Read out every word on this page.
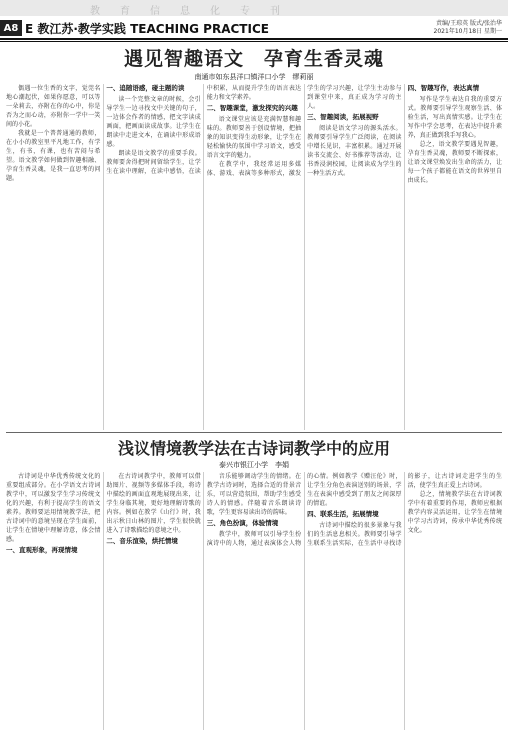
教育信息化专刊
A8 E 教江苏·教学实践 TEACHING PRACTICE	责编/王琼英 版式/张治华
2021年10月18日 星期一
遇见智趣语文　孕育生香灵魂
南通市如东县洋口镇洋口小学　缪莉丽

偶遇一位生香的文字，觉莞名地心潮起伏，如果你愿意，可以等一朵莉去，亦附在你的心中，你是否为之而心动，亦附你一学中一笑间的小花。

我就是一个普普通通的教师，在小小的教室里平凡地工作，有学生，有书，有课，也有苦闷与希望。语文教学如何做到智趣相融、孕育生香灵魂，是我一直思考的问题。

一、追随语感，碰主题的读

读一个完整文章的时候，会引导学生一边寻找文中关键的句子，一边体会作者的情感，把文字读成画面，把画面读成故事。让学生在朗读中走进文本，在诵读中形成语感。

朗读是语文教学的重要手段。教师要舍得把时间留给学生，让学生在读中理解，在读中感悟，在读中积累，从而提升学生的语言表达能力和文学素养。

二、智趣课堂，激发探究的兴趣

语文课堂应该是充满智慧和趣味的。教师要善于创设情境，把抽象的知识变得生动形象，让学生在轻松愉快的氛围中学习语文，感受语言文字的魅力。

在教学中，我经常运用多媒体、游戏、表演等多种形式，激发学生的学习兴趣，让学生主动参与到课堂中来，真正成为学习的主人。

三、智趣阅读，拓展视野

阅读是语文学习的源头活水。教师要引导学生广泛阅读，在阅读中增长见识，丰富积累。通过开展读书交流会、好书推荐等活动，让书香浸润校园，让阅读成为学生的一种生活方式。

四、智趣写作，表达真情

写作是学生表达自我的重要方式。教师要引导学生观察生活、体验生活，写出真情实感。让学生在写作中学会思考，在表达中提升素养，真正做到我手写我心。

总之，语文教学要遇见智趣，孕育生香灵魂，教师要不断探索，让语文课堂焕发出生命的活力，让每一个孩子都能在语文的世界里自由成长。

浅议情境教学法在古诗词教学中的应用
泰兴市银江小学　李娟

古诗词是中华优秀传统文化的重要组成部分。在小学语文古诗词教学中，可以激发学生学习传统文化的兴趣，有利于提高学生的语文素养。教师要运用情境教学法，把古诗词中的意境呈现在学生面前，让学生在情境中理解诗意，体会情感。

一、直观形象，再现情境

在古诗词教学中，教师可以借助图片、视频等多媒体手段，将诗中描绘的画面直观地展现出来，让学生身临其境，更好地理解诗歌的内容。例如在教学《山行》时，我出示秋日山林的图片，学生很快就进入了诗歌描绘的意境之中。

二、音乐渲染，烘托情境

音乐能够调动学生的情绪。在教学古诗词时，选择合适的背景音乐，可以营造氛围，帮助学生感受诗人的情感。伴随着音乐朗读诗歌，学生更容易读出诗的韵味。

三、角色扮演，体验情境

教学中，教师可以引导学生扮演诗中的人物，通过表演体会人物的心情。例如教学《赠汪伦》时，让学生分角色表演送别的场景，学生在表演中感受到了朋友之间深厚的情谊。

四、联系生活，拓展情境

古诗词中描绘的很多景象与我们的生活息息相关。教师要引导学生联系生活实际，在生活中寻找诗的影子，让古诗词走进学生的生活，使学生真正爱上古诗词。

总之，情境教学法在古诗词教学中有着重要的作用，教师应根据教学内容灵活运用，让学生在情境中学习古诗词，传承中华优秀传统文化。
